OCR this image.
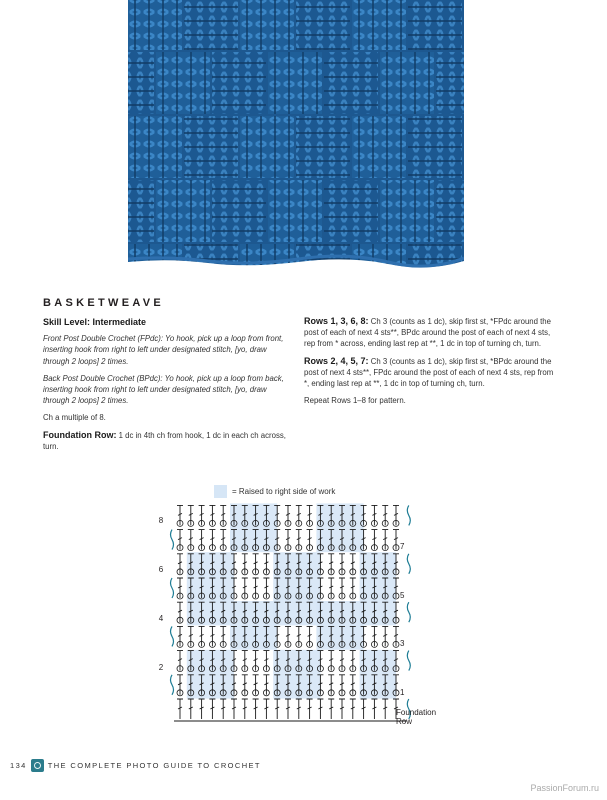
BASKETWEAVE

Skill Level: Intermediate

Front Post Double Crochet (FPdc): Yo hook, pick up a loop from front, inserting hook from right to left under designated stitch, [yo, draw through 2 loops] 2 times.

Back Post Double Crochet (BPdc): Yo hook, pick up a loop from back, inserting hook from right to left under designated stitch, [yo, draw through 2 loops] 2 times.

Ch a multiple of 8.

Foundation Row: 1 dc in 4th ch from hook, 1 dc in each ch across, turn.

Rows 1, 3, 6, 8: Ch 3 (counts as 1 dc), skip first st, *FPdc around the post of each of next 4 sts**, BPdc around the post of each of next 4 sts, rep from * across, ending last rep at **, 1 dc in top of turning ch, turn.

Rows 2, 4, 5, 7: Ch 3 (counts as 1 dc), skip first st, *BPdc around the post of next 4 sts**, FPdc around the post of each of next 4 sts, rep from *, ending last rep at **, 1 dc in top of turning ch, turn.

Repeat Rows 1–8 for pattern.

= Raised to right side of work
8
6
4
2
7
5
3
1
Foundation
Row
134	THE COMPLETE PHOTO GUIDE TO CROCHET
PassionForum.ru
